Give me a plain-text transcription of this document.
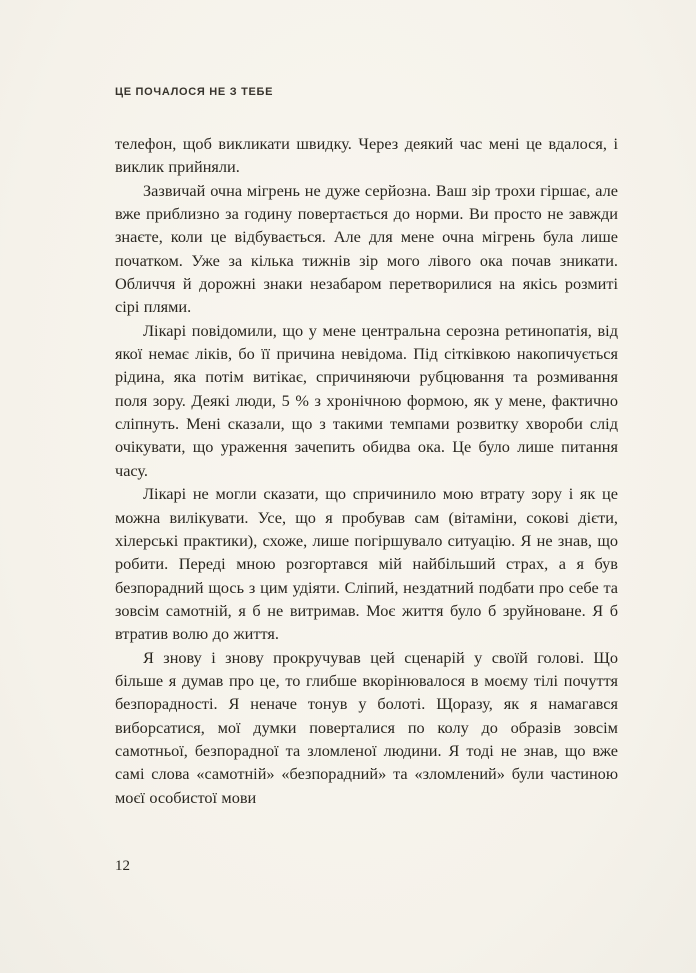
ЦЕ ПОЧАЛОСЯ НЕ З ТЕБЕ

телефон, щоб викликати швидку. Через деякий час мені це вдалося, і виклик прийняли.

Зазвичай очна мігрень не дуже серйозна. Ваш зір трохи гіршає, але вже приблизно за годину повертається до норми. Ви просто не завжди знаєте, коли це відбувається. Але для мене очна мігрень була лише початком. Уже за кілька тижнів зір мого лівого ока почав зникати. Обличчя й дорожні знаки незабаром перетворилися на якісь розмиті сірі плями.

Лікарі повідомили, що у мене центральна серозна ретинопатія, від якої немає ліків, бо її причина невідома. Під сітківкою накопичується рідина, яка потім витікає, спричиняючи рубцювання та розмивання поля зору. Деякі люди, 5 % з хронічною формою, як у мене, фактично сліпнуть. Мені сказали, що з такими темпами розвитку хвороби слід очікувати, що ураження зачепить обидва ока. Це було лише питання часу.

Лікарі не могли сказати, що спричинило мою втрату зору і як це можна вилікувати. Усе, що я пробував сам (вітаміни, сокові дієти, хілерські практики), схоже, лише погіршувало ситуацію. Я не знав, що робити. Переді мною розгортався мій найбільший страх, а я був безпорадний щось з цим удіяти. Сліпий, нездатний подбати про себе та зовсім самотній, я б не витримав. Моє життя було б зруйноване. Я б втратив волю до життя.

Я знову і знову прокручував цей сценарій у своїй голові. Що більше я думав про це, то глибше вкорінювалося в моєму тілі почуття безпорадності. Я неначе тонув у болоті. Щоразу, як я намагався виборсатися, мої думки поверталися по колу до образів зовсім самотньої, безпорадної та зломленої людини. Я тоді не знав, що вже самі слова «самотній» «безпорадний» та «зломлений» були частиною моєї особистої мови

12
